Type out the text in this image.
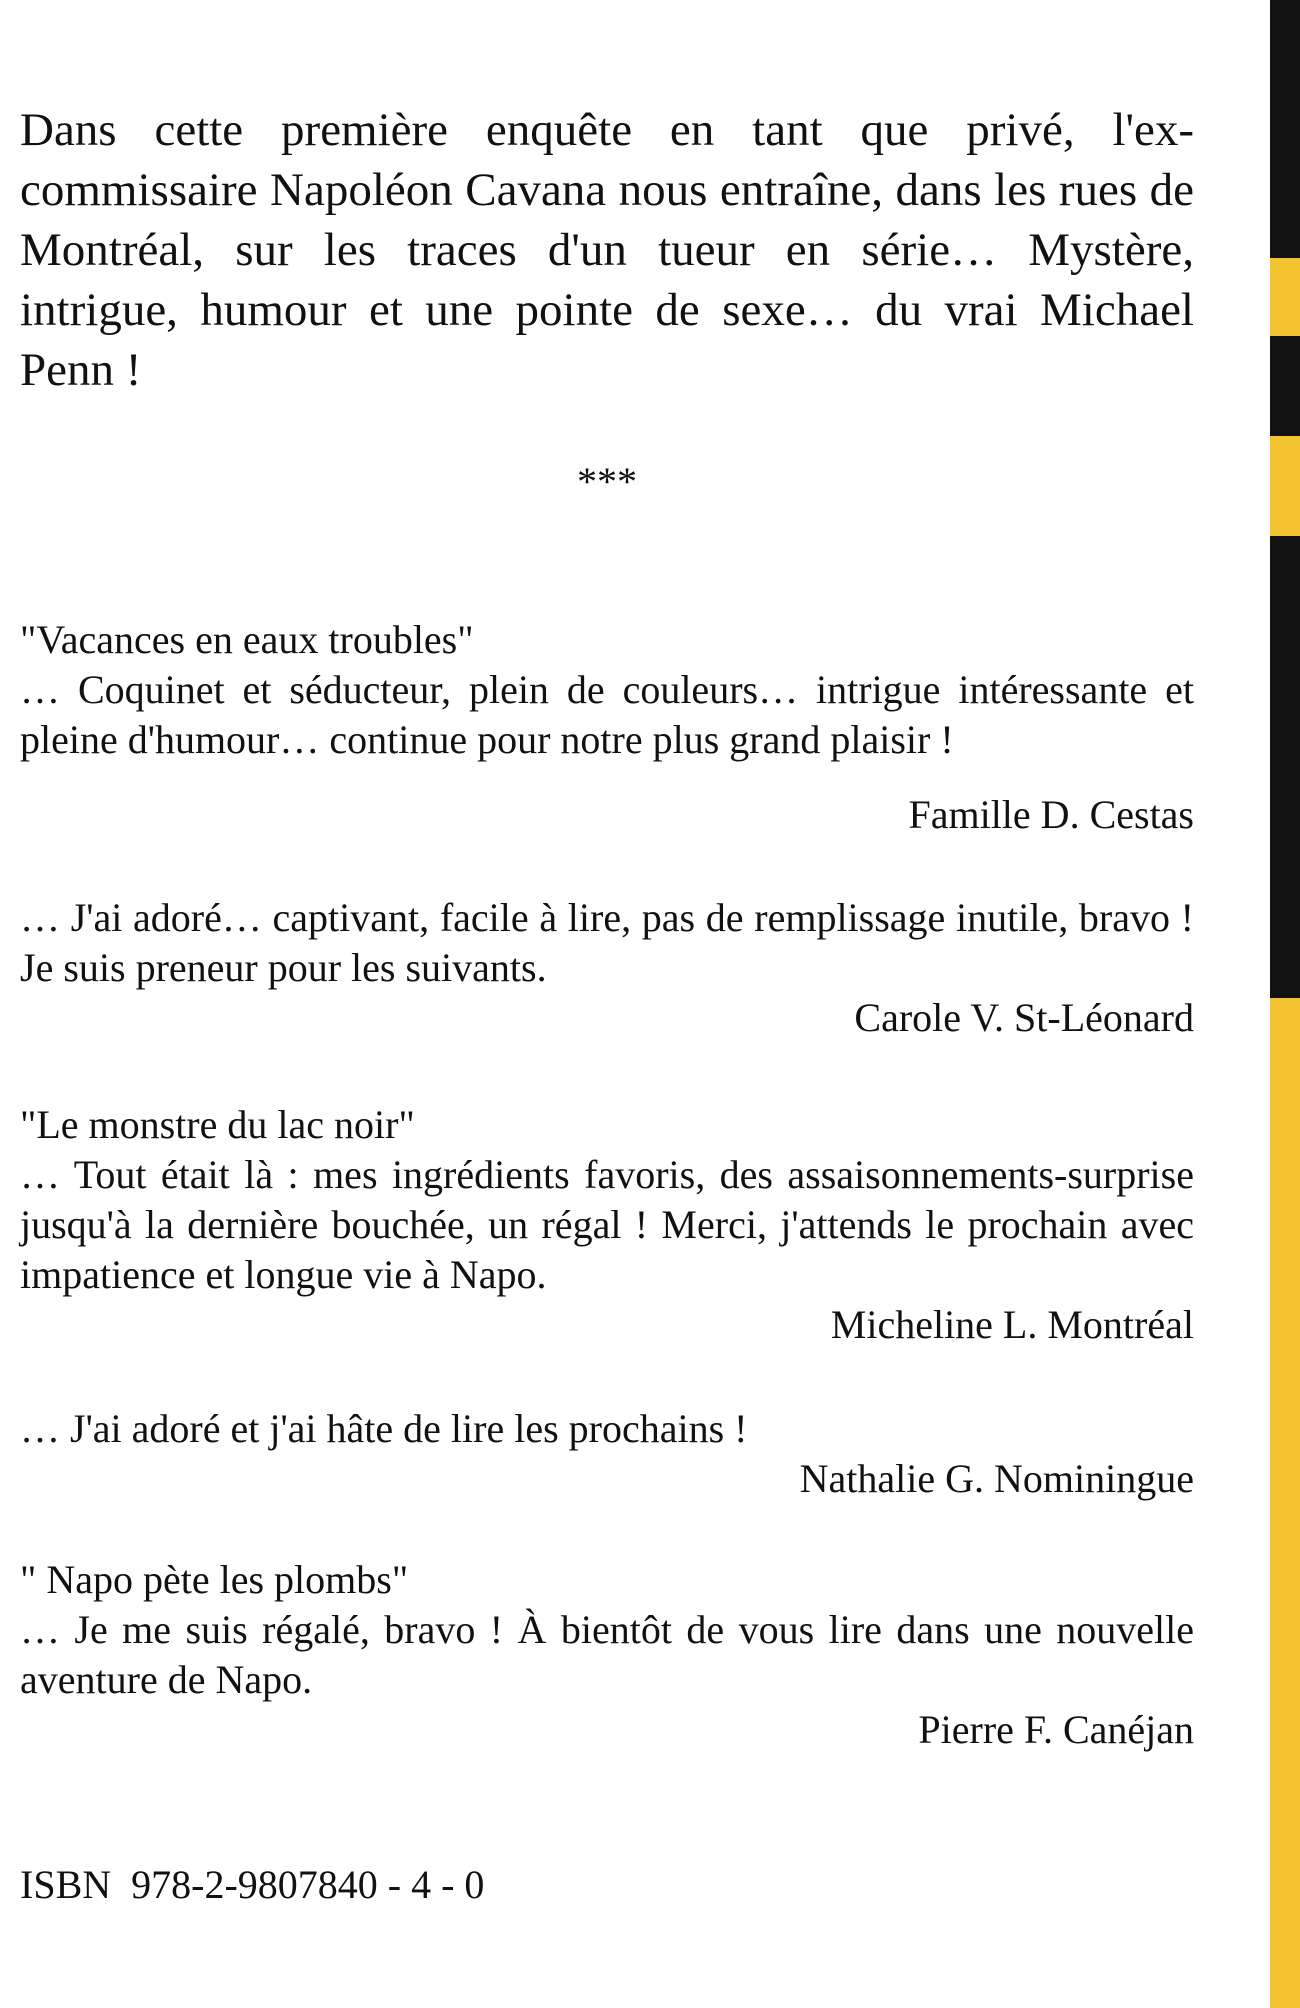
Dans cette première enquête en tant que privé, l'ex-commissaire Napoléon Cavana nous entraîne, dans les rues de Montréal, sur les traces d'un tueur en série… Mystère, intrigue, humour et une pointe de sexe… du vrai Michael Penn !

***

"Vacances en eaux troubles"

… Coquinet et séducteur, plein de couleurs… intrigue intéressante et pleine d'humour… continue pour notre plus grand plaisir !

Famille D. Cestas

… J'ai adoré… captivant, facile à lire, pas de remplissage inutile, bravo ! Je suis preneur pour les suivants.

Carole V. St-Léonard

"Le monstre du lac noir"

… Tout était là : mes ingrédients favoris, des assaisonnements-surprise jusqu'à la dernière bouchée, un régal ! Merci, j'attends le prochain avec impatience et longue vie à Napo.

Micheline L. Montréal

… J'ai adoré et j'ai hâte de lire les prochains !

Nathalie G. Nominingue

" Napo pète les plombs"

… Je me suis régalé, bravo ! À bientôt de vous lire dans une nouvelle aventure de Napo.

Pierre F. Canéjan

ISBN  978-2-9807840 - 4 - 0
